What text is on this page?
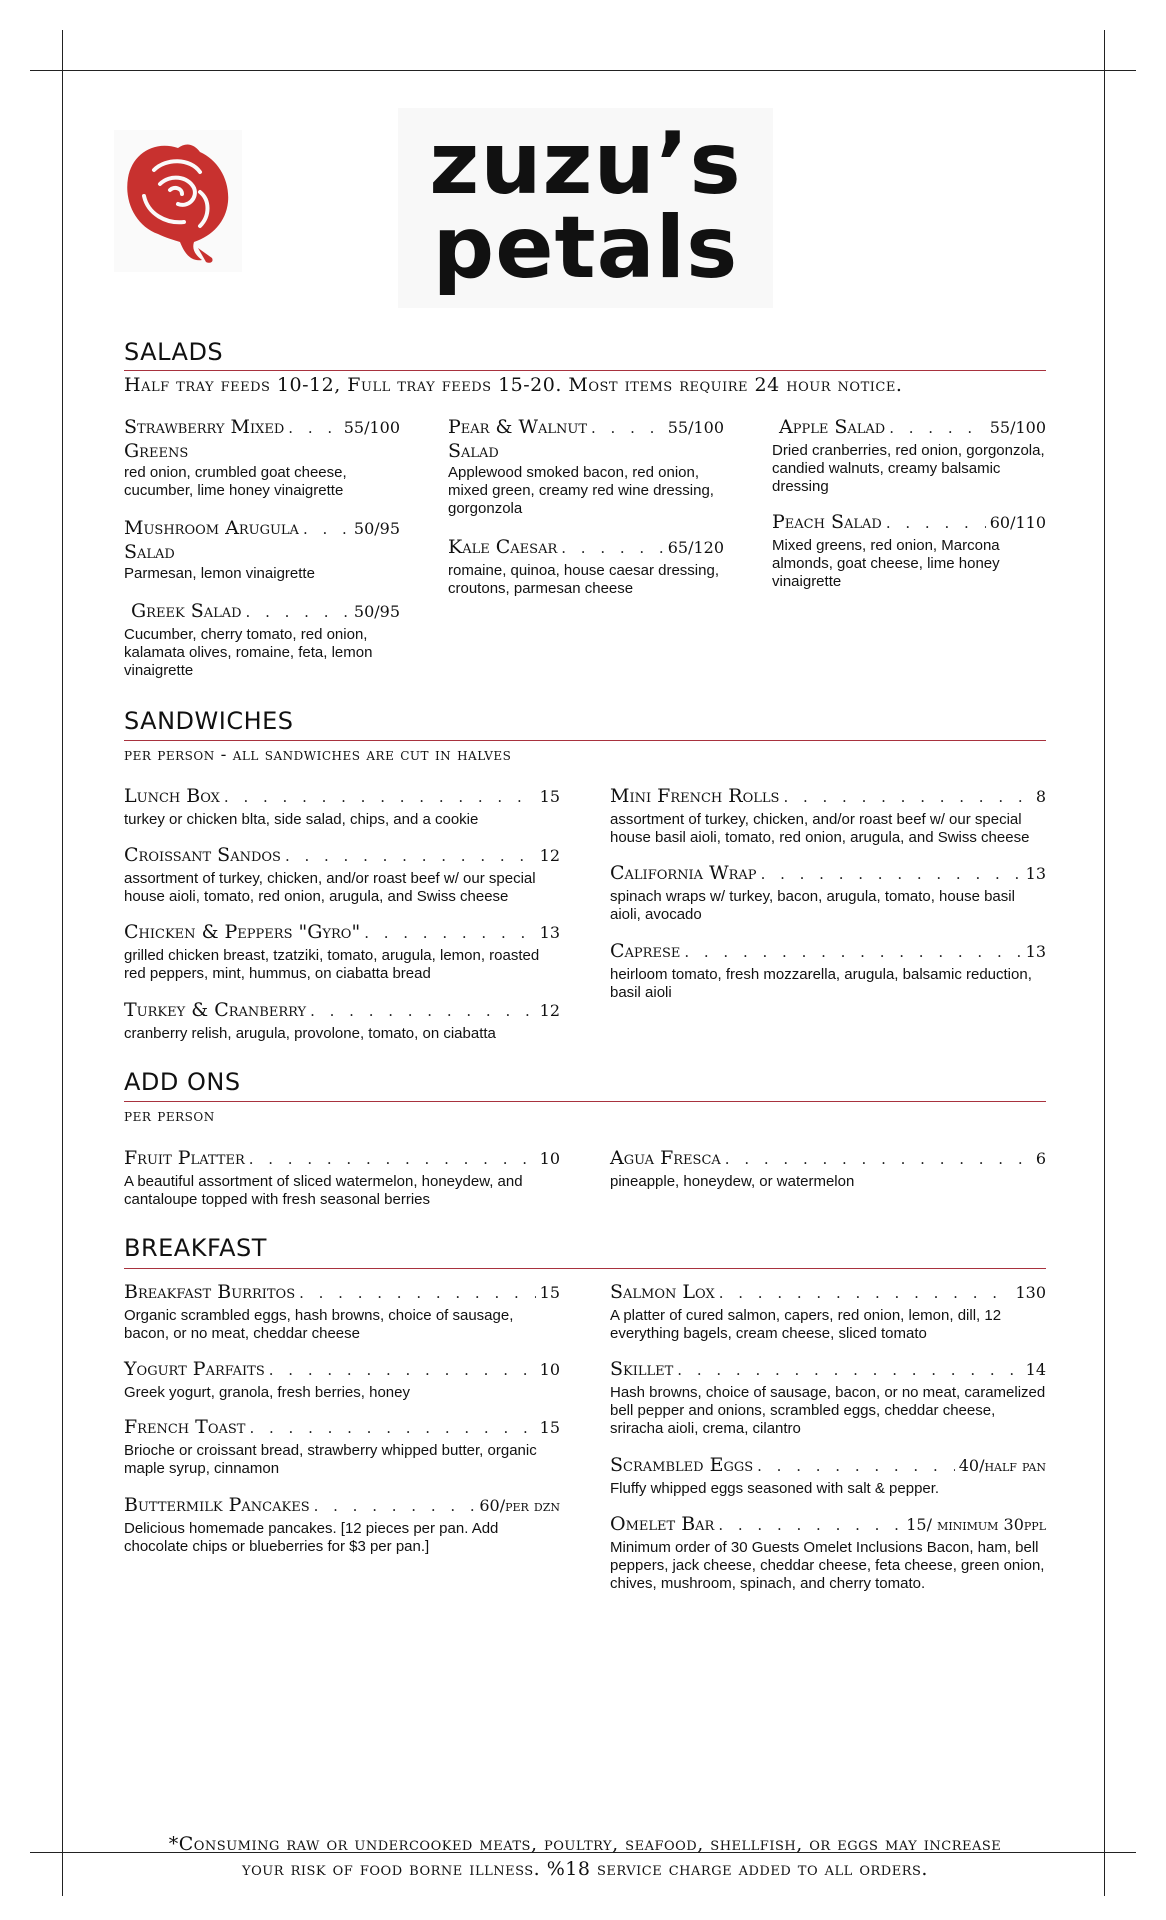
zuzu’s
petals
SALADS
Half tray feeds 10-12, Full tray feeds 15-20. Most items require 24 hour notice.
Strawberry Mixed . . .	55/100
Greens
red onion, crumbled goat cheese, cucumber, lime honey vinaigrette
Mushroom Arugula . . .	50/95
Salad
Parmesan, lemon vinaigrette
Greek Salad . . .	50/95
Cucumber, cherry tomato, red onion, kalamata olives, romaine, feta, lemon vinaigrette
Pear & Walnut . . .	55/100
Salad
Applewood smoked bacon, red onion, mixed green, creamy red wine dressing, gorgonzola
Kale Caesar . . .	65/120
romaine, quinoa, house caesar dressing, croutons, parmesan cheese
Apple Salad . . .	55/100
Dried cranberries, red onion, gorgonzola, candied walnuts, creamy balsamic dressing
Peach Salad . . .	60/110
Mixed greens, red onion, Marcona almonds, goat cheese, lime honey vinaigrette
SANDWICHES
per person - all sandwiches are cut in halves
Lunch Box . . .	15
turkey or chicken blta, side salad, chips, and a cookie
Croissant Sandos . . .	12
assortment of turkey, chicken, and/or roast beef w/ our special house aioli, tomato, red onion, arugula, and Swiss cheese
Chicken & Peppers "Gyro" . . .	13
grilled chicken breast, tzatziki, tomato, arugula, lemon, roasted red peppers, mint, hummus, on ciabatta bread
Turkey & Cranberry . . .	12
cranberry relish, arugula, provolone, tomato, on ciabatta
Mini French Rolls . . .	8
assortment of turkey, chicken, and/or roast beef w/ our special house basil aioli, tomato, red onion, arugula, and Swiss cheese
California Wrap . . .	13
spinach wraps w/ turkey, bacon, arugula, tomato, house basil aioli, avocado
Caprese . . .	13
heirloom tomato, fresh mozzarella, arugula, balsamic reduction, basil aioli
ADD ONS
per person
Fruit Platter . . .	10
A beautiful assortment of sliced watermelon, honeydew, and cantaloupe topped with fresh seasonal berries
Agua Fresca . . .	6
pineapple, honeydew, or watermelon
BREAKFAST
Breakfast Burritos . . .	15
Organic scrambled eggs, hash browns, choice of sausage, bacon, or no meat, cheddar cheese
Yogurt Parfaits . . .	10
Greek yogurt, granola, fresh berries, honey
French Toast . . .	15
Brioche or croissant bread, strawberry whipped butter, organic maple syrup, cinnamon
Buttermilk Pancakes . . .	60/per dzn
Delicious homemade pancakes. [12 pieces per pan. Add chocolate chips or blueberries for $3 per pan.]
Salmon Lox . . .	130
A platter of cured salmon, capers, red onion, lemon, dill, 12 everything bagels, cream cheese, sliced tomato
Skillet . . .	14
Hash browns, choice of sausage, bacon, or no meat, caramelized bell pepper and onions, scrambled eggs, cheddar cheese, sriracha aioli, crema, cilantro
Scrambled Eggs . . .	40/half pan
Fluffy whipped eggs seasoned with salt & pepper.
Omelet Bar . . .	15/ minimum 30ppl
Minimum order of 30 Guests Omelet Inclusions Bacon, ham, bell peppers, jack cheese, cheddar cheese, feta cheese, green onion, chives, mushroom, spinach, and cherry tomato.
*Consuming raw or undercooked meats, poultry, seafood, shellfish, or eggs may increase
your risk of food borne illness. %18 service charge added to all orders.
